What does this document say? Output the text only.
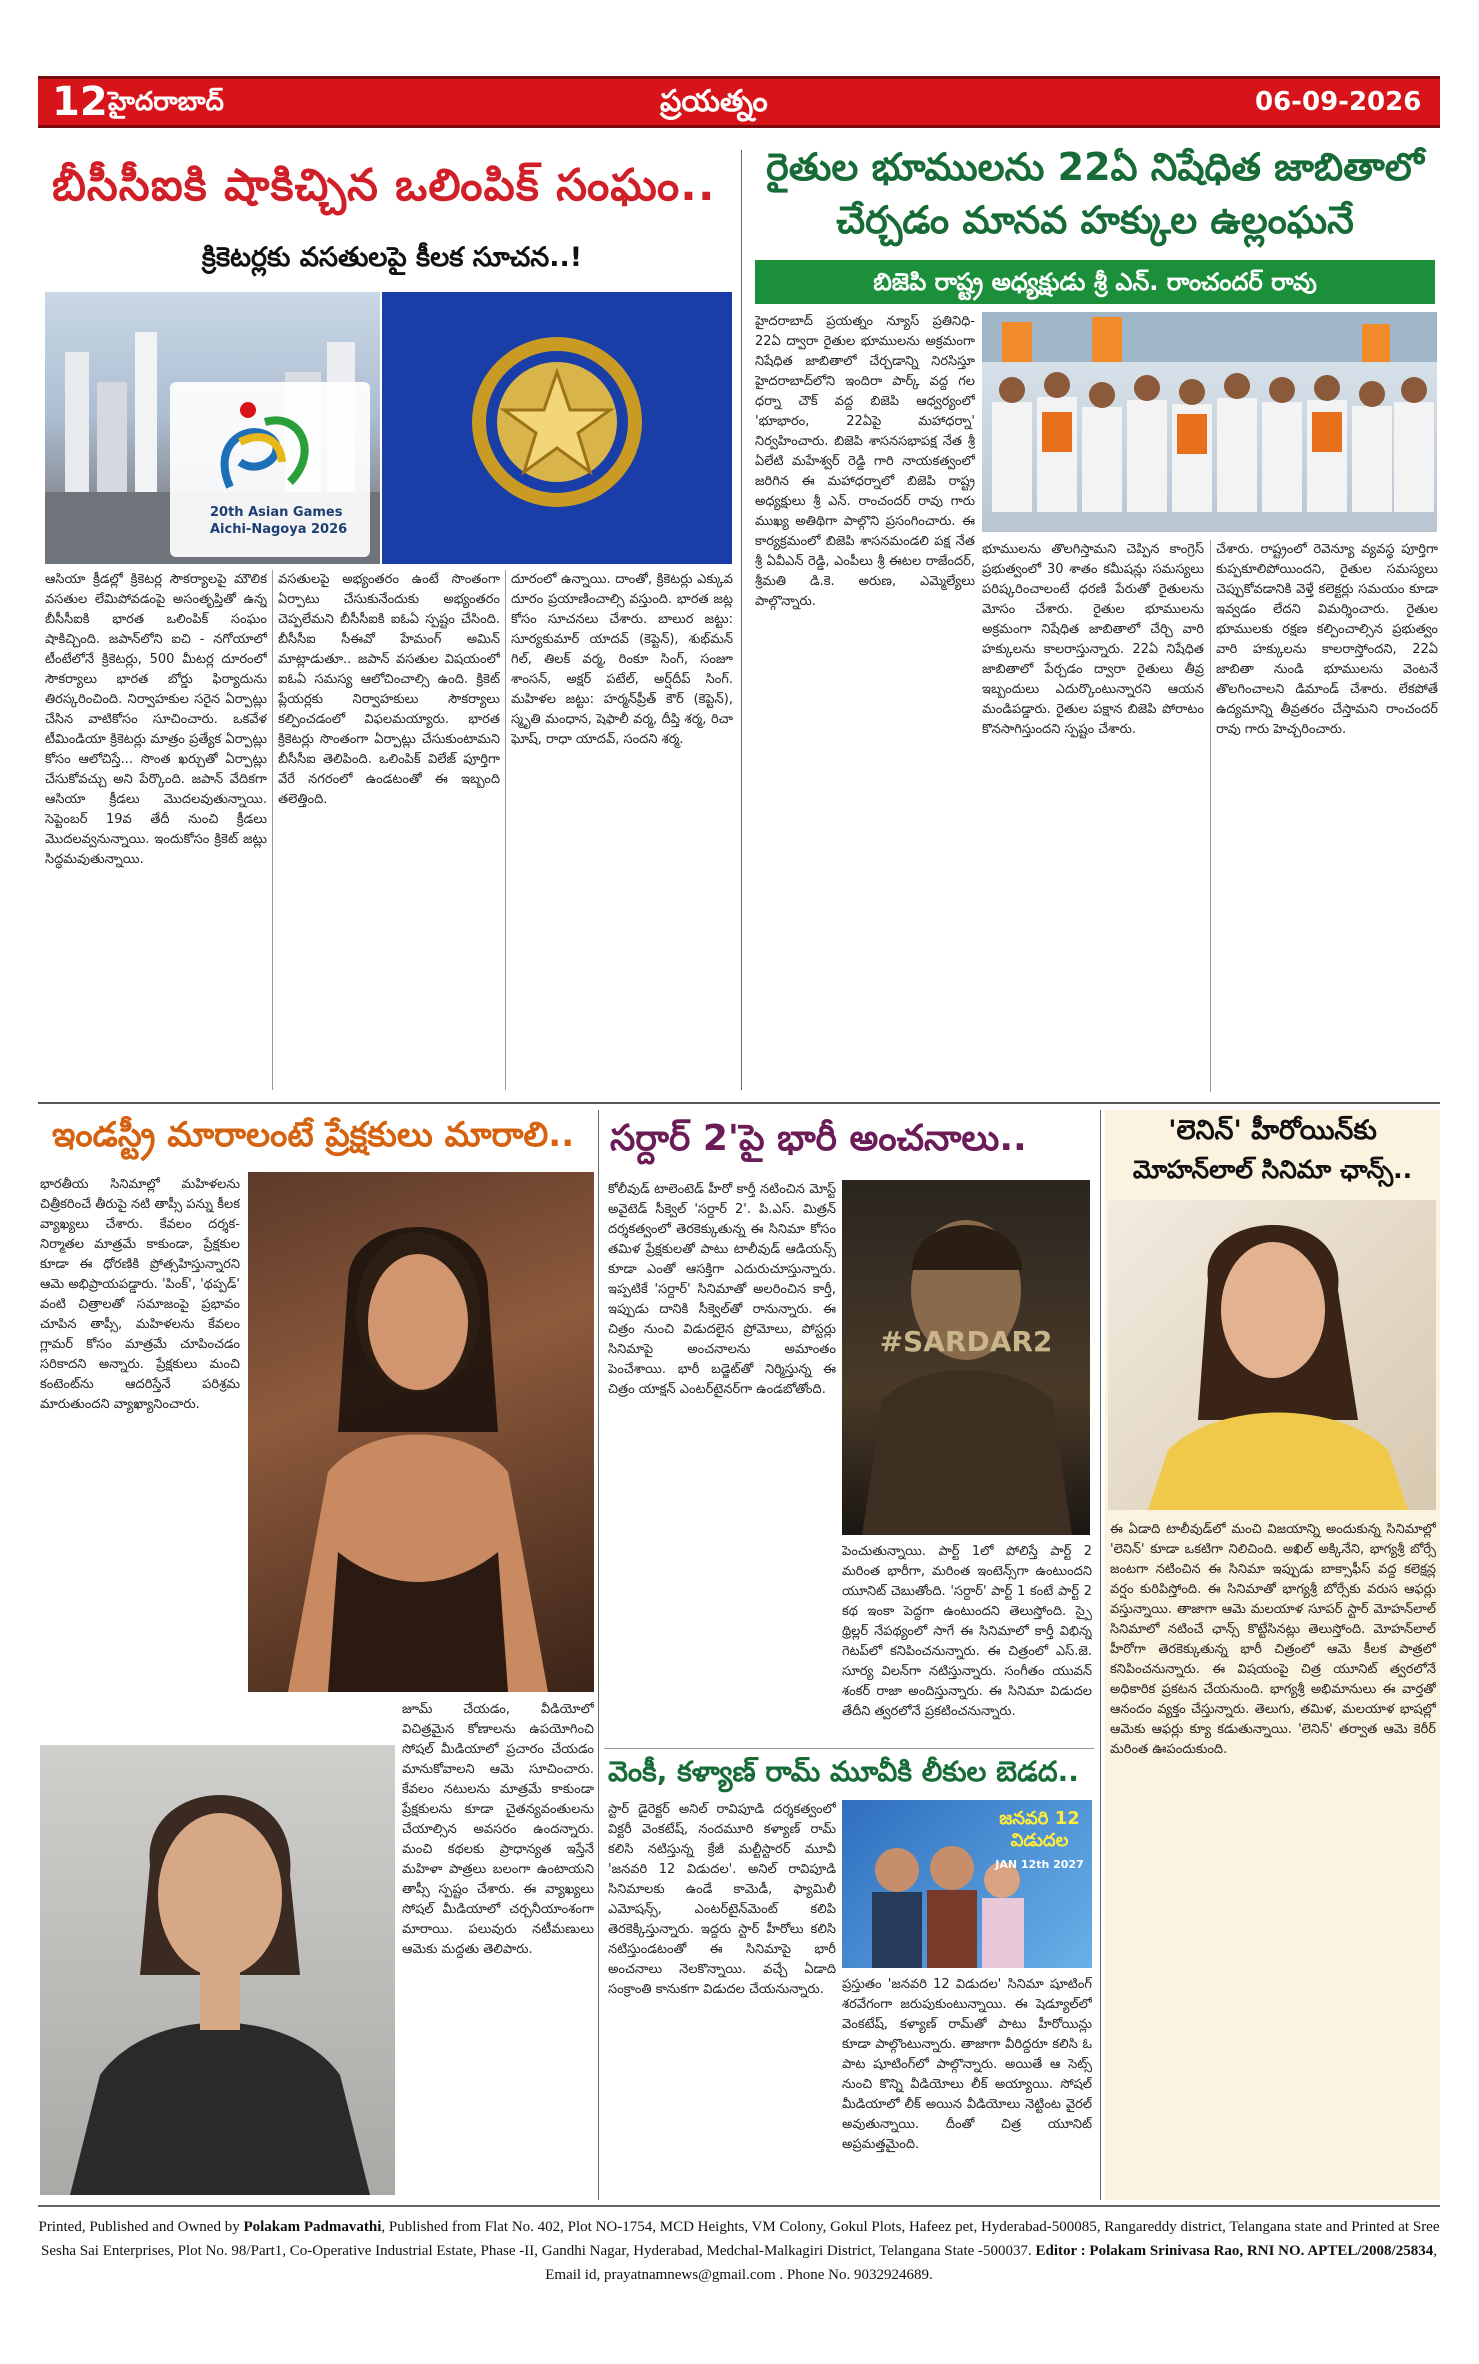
12 హైదరాబాద్	ప్రయత్నం	06-09-2026
బీసీసీఐకి షాకిచ్చిన ఒలింపిక్ సంఘం..
క్రికెటర్లకు వసతులపై కీలక సూచన..!
20th Asian Games
Aichi-Nagoya 2026
ఆసియా క్రీడల్లో క్రికెటర్ల సౌకర్యాలపై మౌలిక వసతుల లేమిపోవడంపై అసంతృప్తితో ఉన్న బీసీసీఐకి భారత ఒలింపిక్ సంఘం షాకిచ్చింది. జపాన్‌లోని ఐచి - నగోయాలో టీంటేలోనే క్రికెటర్లు, 500 మీటర్ల దూరంలో సౌకర్యాలు భారత బోర్డు ఫిర్యాదును తిరస్కరించింది. నిర్వాహకుల సరైన ఏర్పాట్లు చేసిన వాటికోసం సూచించారు. ఒకవేళ టీమిండియా క్రికెటర్లు మాత్రం ప్రత్యేక ఏర్పాట్లు కోసం ఆలోచిస్తే... సొంత ఖర్చుతో ఏర్పాట్లు చేసుకోవచ్చు అని పేర్కొంది. జపాన్ వేదికగా ఆసియా క్రీడలు మొదలవుతున్నాయి. సెప్టెంబర్ 19వ తేదీ నుంచి క్రీడలు మొదలవ్వనున్నాయి. ఇందుకోసం క్రికెట్ జట్లు సిద్ధమవుతున్నాయి.
వసతులపై అభ్యంతరం ఉంటే సొంతంగా ఏర్పాటు చేసుకునేందుకు అభ్యంతరం చెప్పలేమని బీసీసీఐకి ఐఓఏ స్పష్టం చేసింది. బీసీసీఐ సీఈవో హేమంగ్ అమిన్ మాట్లాడుతూ.. జపాన్ వసతుల విషయంలో ఐఓఏ సమస్య ఆలోచించాల్సి ఉంది. క్రికెట్ ప్లేయర్లకు నిర్వాహకులు సౌకర్యాలు కల్పించడంలో విఫలమయ్యారు. భారత క్రికెటర్లు సొంతంగా ఏర్పాట్లు చేసుకుంటామని బీసీసీఐ తెలిపింది. ఒలింపిక్ విలేజ్ పూర్తిగా వేరే నగరంలో ఉండటంతో ఈ ఇబ్బంది తలెత్తింది.
దూరంలో ఉన్నాయి. దాంతో, క్రికెటర్లు ఎక్కువ దూరం ప్రయాణించాల్సి వస్తుంది. భారత జట్ల కోసం సూచనలు చేశారు. బాలుర జట్టు: సూర్యకుమార్ యాదవ్ (కెప్టెన్), శుభ్‌మన్ గిల్, తిలక్ వర్మ, రింకూ సింగ్, సంజూ శాంసన్, అక్షర్ పటేల్, అర్ష్‌దీప్ సింగ్. మహిళల జట్టు: హర్మన్‌ప్రీత్ కౌర్ (కెప్టెన్), స్మృతి మంధాన, షెఫాలీ వర్మ, దీప్తి శర్మ, రిచా ఘోష్, రాధా యాదవ్, సందని శర్మ.
రైతుల భూములను 22ఏ నిషేధిత జాబితాలో
చేర్చడం మానవ హక్కుల ఉల్లంఘనే
బిజెపి రాష్ట్ర అధ్యక్షుడు శ్రీ ఎన్. రాంచందర్ రావు
హైదరాబాద్ ప్రయత్నం న్యూస్ ప్రతినిధి- 22ఏ ద్వారా రైతుల భూములను అక్రమంగా నిషేధిత జాబితాలో చేర్చడాన్ని నిరసిస్తూ హైదరాబాద్‌లోని ఇందిరా పార్క్ వద్ద గల ధర్నా చౌక్ వద్ద బిజెపి ఆధ్వర్యంలో 'భూభారం, 22ఏపై మహాధర్నా' నిర్వహించారు. బిజెపి శాసనసభాపక్ష నేత శ్రీ ఏలేటి మహేశ్వర్ రెడ్డి గారి నాయకత్వంలో జరిగిన ఈ మహాధర్నాలో బిజెపి రాష్ట్ర అధ్యక్షులు శ్రీ ఎన్. రాంచందర్ రావు గారు ముఖ్య అతిథిగా పాల్గొని ప్రసంగించారు. ఈ కార్యక్రమంలో బిజెపి శాసనమండలి పక్ష నేత శ్రీ ఏవీఎన్ రెడ్డి, ఎంపీలు శ్రీ ఈటల రాజేందర్, శ్రీమతి డి.కె. అరుణ, ఎమ్మెల్యేలు పాల్గొన్నారు.
భూములను తొలగిస్తామని చెప్పిన కాంగ్రెస్ ప్రభుత్వంలో 30 శాతం కమీషన్లు సమస్యలు పరిష్కరించాలంటే ధరణి పేరుతో రైతులను మోసం చేశారు. రైతుల భూములను అక్రమంగా నిషేధిత జాబితాలో చేర్చి వారి హక్కులను కాలరాస్తున్నారు. 22ఏ నిషేధిత జాబితాలో పేర్చడం ద్వారా రైతులు తీవ్ర ఇబ్బందులు ఎదుర్కొంటున్నారని ఆయన మండిపడ్డారు. రైతుల పక్షాన బిజెపి పోరాటం కొనసాగిస్తుందని స్పష్టం చేశారు.
చేశారు. రాష్ట్రంలో రెవెన్యూ వ్యవస్థ పూర్తిగా కుప్పకూలిపోయిందని, రైతుల సమస్యలు చెప్పుకోవడానికి వెళ్తే కలెక్టర్లు సమయం కూడా ఇవ్వడం లేదని విమర్శించారు. రైతుల భూములకు రక్షణ కల్పించాల్సిన ప్రభుత్వం వారి హక్కులను కాలరాస్తోందని, 22ఏ జాబితా నుండి భూములను వెంటనే తొలగించాలని డిమాండ్ చేశారు. లేకపోతే ఉద్యమాన్ని తీవ్రతరం చేస్తామని రాంచందర్ రావు గారు హెచ్చరించారు.
ఇండస్ట్రీ మారాలంటే ప్రేక్షకులు మారాలి..
భారతీయ సినిమాల్లో మహిళలను చిత్రీకరించే తీరుపై నటి తాప్సీ పన్ను కీలక వ్యాఖ్యలు చేశారు. కేవలం దర్శక-నిర్మాతల మాత్రమే కాకుండా, ప్రేక్షకుల కూడా ఈ ధోరణికి ప్రోత్సహిస్తున్నారని ఆమె అభిప్రాయపడ్డారు. 'పింక్', 'థప్పడ్' వంటి చిత్రాలతో సమాజంపై ప్రభావం చూపిన తాప్సీ, మహిళలను కేవలం గ్లామర్ కోసం మాత్రమే చూపించడం సరికాదని అన్నారు. ప్రేక్షకులు మంచి కంటెంట్‌ను ఆదరిస్తేనే పరిశ్రమ మారుతుందని వ్యాఖ్యానించారు.
జూమ్ చేయడం, వీడియోలో విచిత్రమైన కోణాలను ఉపయోగించి సోషల్ మీడియాలో ప్రచారం చేయడం మానుకోవాలని ఆమె సూచించారు. కేవలం నటులను మాత్రమే కాకుండా ప్రేక్షకులను కూడా చైతన్యవంతులను చేయాల్సిన అవసరం ఉందన్నారు. మంచి కథలకు ప్రాధాన్యత ఇస్తేనే మహిళా పాత్రలు బలంగా ఉంటాయని తాప్సీ స్పష్టం చేశారు. ఈ వ్యాఖ్యలు సోషల్ మీడియాలో చర్చనీయాంశంగా మారాయి. పలువురు నటీమణులు ఆమెకు మద్దతు తెలిపారు.
సర్దార్ 2'పై భారీ అంచనాలు..
కోలీవుడ్ టాలెంటెడ్ హీరో కార్తీ నటించిన మోస్ట్ అవైటెడ్ సీక్వెల్ 'సర్దార్ 2'. పి.ఎస్. మిత్రన్ దర్శకత్వంలో తెరకెక్కుతున్న ఈ సినిమా కోసం తమిళ ప్రేక్షకులతో పాటు టాలీవుడ్ ఆడియన్స్ కూడా ఎంతో ఆసక్తిగా ఎదురుచూస్తున్నారు. ఇప్పటికే 'సర్దార్' సినిమాతో అలరించిన కార్తీ, ఇప్పుడు దానికి సీక్వెల్‌తో రానున్నారు. ఈ చిత్రం నుంచి విడుదలైన ప్రోమోలు, పోస్టర్లు సినిమాపై అంచనాలను అమాంతం పెంచేశాయి. భారీ బడ్జెట్‌తో నిర్మిస్తున్న ఈ చిత్రం యాక్షన్ ఎంటర్‌టైనర్‌గా ఉండబోతోంది.
#SARDAR2
పెంచుతున్నాయి. పార్ట్ 1లో పోలిస్తే పార్ట్ 2 మరింత భారీగా, మరింత ఇంటెన్స్‌గా ఉంటుందని యూనిట్ చెబుతోంది. 'సర్దార్' పార్ట్ 1 కంటే పార్ట్ 2 కథ ఇంకా పెద్దగా ఉంటుందని తెలుస్తోంది. స్పై థ్రిల్లర్ నేపథ్యంలో సాగే ఈ సినిమాలో కార్తీ విభిన్న గెటప్‌లో కనిపించనున్నారు. ఈ చిత్రంలో ఎస్.జె. సూర్య విలన్‌గా నటిస్తున్నారు. సంగీతం యువన్ శంకర్ రాజా అందిస్తున్నారు. ఈ సినిమా విడుదల తేదీని త్వరలోనే ప్రకటించనున్నారు.
వెంకీ, కళ్యాణ్ రామ్ మూవీకి లీకుల బెడద..
స్టార్ డైరెక్టర్ అనిల్ రావిపూడి దర్శకత్వంలో విక్టరీ వెంకటేష్, నందమూరి కళ్యాణ్ రామ్ కలిసి నటిస్తున్న క్రేజీ మల్టీస్టారర్ మూవీ 'జనవరి 12 విడుదల'. అనిల్ రావిపూడి సినిమాలకు ఉండే కామెడీ, ఫ్యామిలీ ఎమోషన్స్, ఎంటర్‌టైన్‌మెంట్ కలిపి తెరకెక్కిస్తున్నారు. ఇద్దరు స్టార్ హీరోలు కలిసి నటిస్తుండటంతో ఈ సినిమాపై భారీ అంచనాలు నెలకొన్నాయి. వచ్చే ఏడాది సంక్రాంతి కానుకగా విడుదల చేయనున్నారు.
జనవరి 12 విడుదల
JAN 12th 2027
ప్రస్తుతం 'జనవరి 12 విడుదల' సినిమా షూటింగ్ శరవేగంగా జరుపుకుంటున్నాయి. ఈ షెడ్యూల్‌లో వెంకటేష్, కళ్యాణ్ రామ్‌తో పాటు హీరోయిన్లు కూడా పాల్గొంటున్నారు. తాజాగా వీరిద్దరూ కలిసి ఓ పాట షూటింగ్‌లో పాల్గొన్నారు. అయితే ఆ సెట్స్ నుంచి కొన్ని వీడియోలు లీక్ అయ్యాయి. సోషల్ మీడియాలో లీక్ అయిన వీడియోలు నెట్టింట వైరల్ అవుతున్నాయి. దీంతో చిత్ర యూనిట్ అప్రమత్తమైంది.
'లెనిన్' హీరోయిన్‌కు
మోహన్‌లాల్ సినిమా ఛాన్స్..
ఈ ఏడాది టాలీవుడ్‌లో మంచి విజయాన్ని అందుకున్న సినిమాల్లో 'లెనిన్' కూడా ఒకటిగా నిలిచింది. అఖిల్ అక్కినేని, భాగ్యశ్రీ బోర్సే జంటగా నటించిన ఈ సినిమా ఇప్పుడు బాక్సాఫీస్ వద్ద కలెక్షన్ల వర్షం కురిపిస్తోంది. ఈ సినిమాతో భాగ్యశ్రీ బోర్సేకు వరుస ఆఫర్లు వస్తున్నాయి. తాజాగా ఆమె మలయాళ సూపర్ స్టార్ మోహన్‌లాల్ సినిమాలో నటించే ఛాన్స్ కొట్టేసినట్లు తెలుస్తోంది. మోహన్‌లాల్ హీరోగా తెరకెక్కుతున్న భారీ చిత్రంలో ఆమె కీలక పాత్రలో కనిపించనున్నారు. ఈ విషయంపై చిత్ర యూనిట్ త్వరలోనే అధికారిక ప్రకటన చేయనుంది. భాగ్యశ్రీ అభిమానులు ఈ వార్తతో ఆనందం వ్యక్తం చేస్తున్నారు. తెలుగు, తమిళ, మలయాళ భాషల్లో ఆమెకు ఆఫర్లు క్యూ కడుతున్నాయి. 'లెనిన్' తర్వాత ఆమె కెరీర్ మరింత ఊపందుకుంది.
Printed, Published and Owned by Polakam Padmavathi, Published from Flat No. 402, Plot NO-1754, MCD Heights, VM Colony, Gokul Plots, Hafeez pet, Hyderabad-500085, Rangareddy district, Telangana state and Printed at Sree Sesha Sai Enterprises, Plot No. 98/Part1, Co-Operative Industrial Estate, Phase -II, Gandhi Nagar, Hyderabad, Medchal-Malkagiri District, Telangana State -500037. Editor : Polakam Srinivasa Rao, RNI NO. APTEL/2008/25834, Email id, prayatnamnews@gmail.com . Phone No. 9032924689.
